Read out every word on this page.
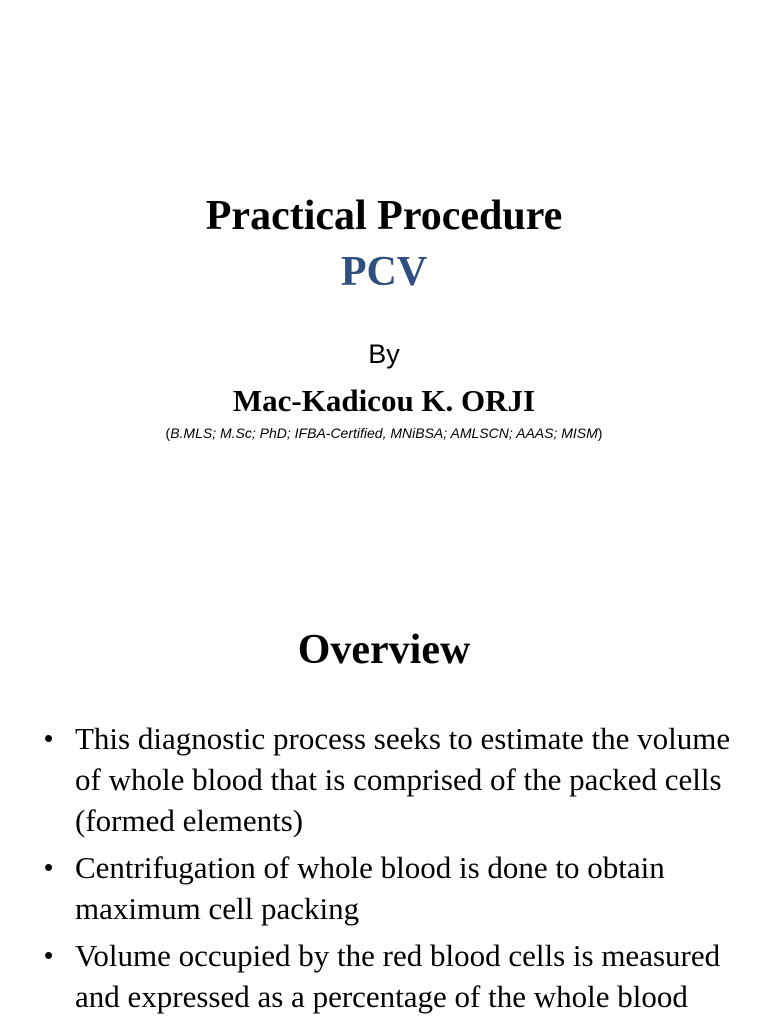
Practical Procedure
PCV
By
Mac-Kadicou K. ORJI
(B.MLS; M.Sc; PhD; IFBA-Certified, MNiBSA; AMLSCN; AAAS; MISM)
Overview
• This diagnostic process seeks to estimate the volume of whole blood that is comprised of the packed cells (formed elements)
• Centrifugation of whole blood is done to obtain maximum cell packing
• Volume occupied by the red blood cells is measured and expressed as a percentage of the whole blood
